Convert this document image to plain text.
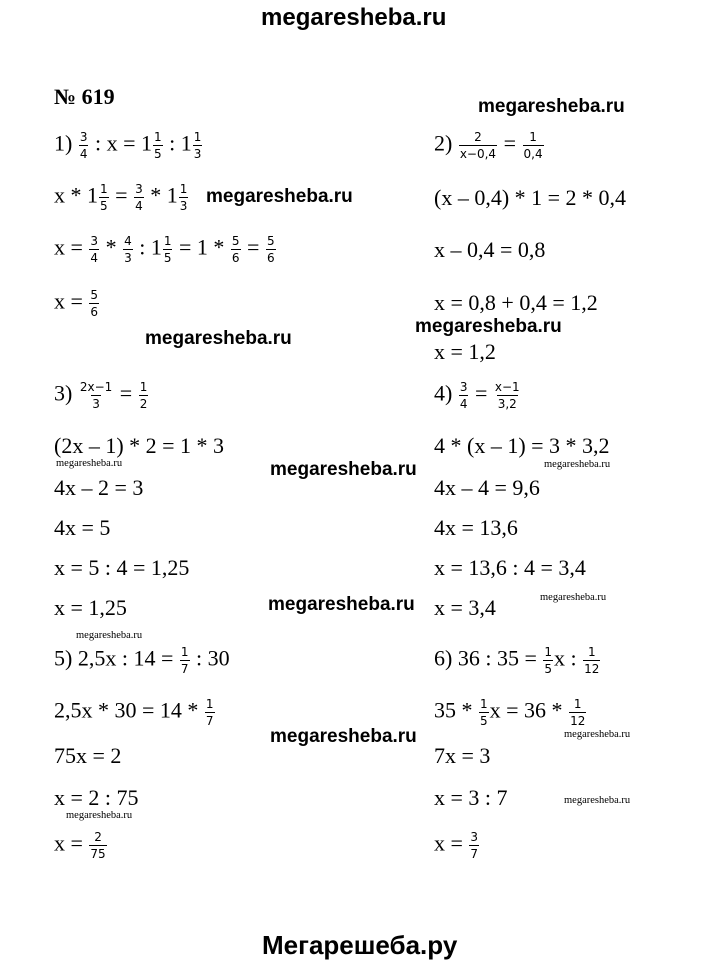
megaresheba.ru
№ 619	megaresheba.ru
megaresheba.ru
megaresheba.ru
megaresheba.ru
megaresheba.ru	megaresheba.ru	megaresheba.ru
megaresheba.ru	megaresheba.ru
megaresheba.ru
megaresheba.ru	megaresheba.ru
megaresheba.ru
megaresheba.ru
$1) \frac{3}{4}$ : $x = 1 \frac{1}{5}$ : $1 \frac{1}{3}$
$x * 1 \frac{1}{5} = \frac{3}{4} * 1 \frac{1}{3}$
$x = \frac{3}{4} * \frac{4}{3}$ : $1 \frac{1}{5} = 1 * \frac{5}{6} = \frac{5}{6}$
$x = \frac{5}{6}$
$2) \frac{2}{x-0,4} = \frac{1}{0,4}$
(x – 0,4) * 1 = 2 * 0,4
x – 0,4 = 0,8
x = 0,8 + 0,4 = 1,2
x = 1,2
$3) \frac{2x-1}{3} = \frac{1}{2}$
(2x – 1) * 2 = 1 * 3
4x – 2 = 3
4x = 5
x = 5 : 4 = 1,25
x = 1,25
$4) \frac{3}{4} = \frac{x-1}{3,2}$
4 * (x – 1) = 3 * 3,2
4x – 4 = 9,6
4x = 13,6
x = 13,6 : 4 = 3,4
x = 3,4
5) 2,5x : $14 = \frac{1}{7}$ : 30
$2,5x * 30 = 14 * \frac{1}{7}$
75x = 2
x = 2 : 75
$x = \frac{2}{75}$
6) 36 : $35 = \frac{1}{5}$ x : $\frac{1}{12}$
$35 * \frac{1}{5}$ $x = 36 * \frac{1}{12}$
7x = 3
x = 3 : 7
$x = \frac{3}{7}$
Мегарешеба.ру
